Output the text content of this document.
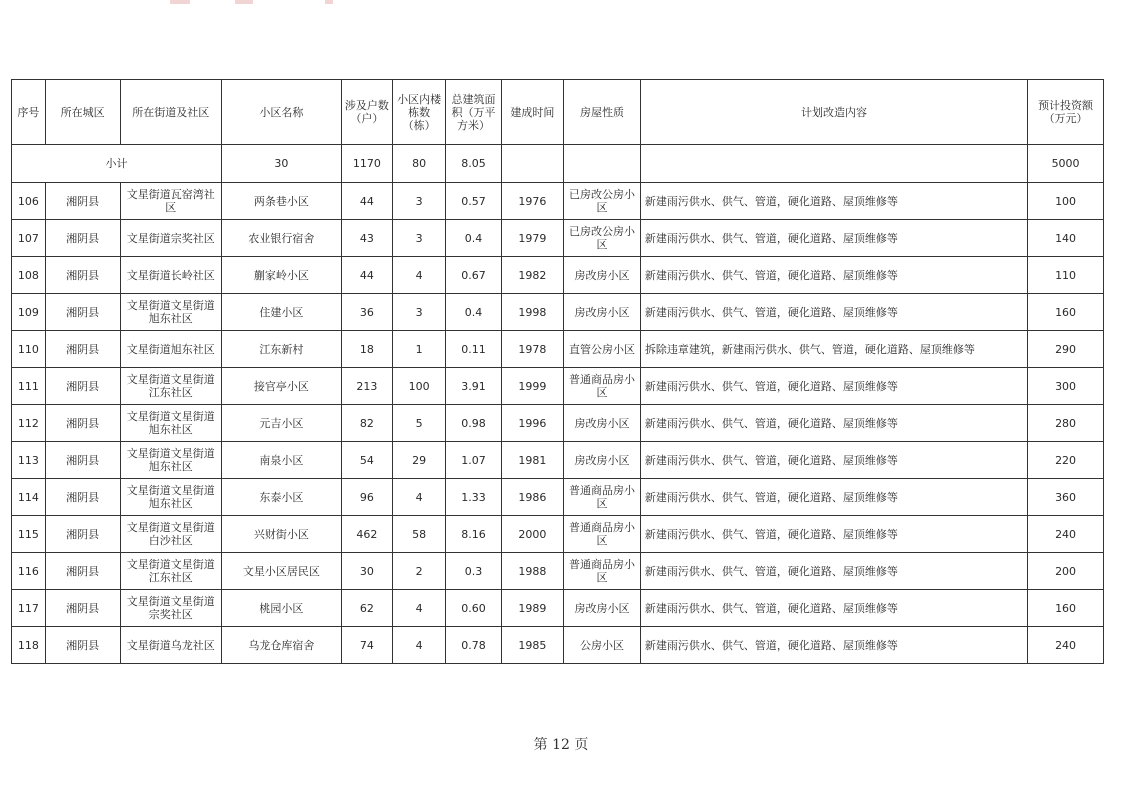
序号	所在城区	所在街道及社区	小区名称	涉及户数（户）	小区内楼栋数（栋）	总建筑面积（万平方米）	建成时间	房屋性质	计划改造内容	预计投资额（万元）
小计			30	1170	80	8.05				5000
106	湘阴县	文星街道瓦窑湾社区	两条巷小区	44	3	0.57	1976	已房改公房小区	新建雨污供水、供气、管道，硬化道路、屋顶维修等	100
107	湘阴县	文星街道宗奖社区	农业银行宿舍	43	3	0.4	1979	已房改公房小区	新建雨污供水、供气、管道，硬化道路、屋顶维修等	140
108	湘阴县	文星街道长岭社区	蒯家岭小区	44	4	0.67	1982	房改房小区	新建雨污供水、供气、管道，硬化道路、屋顶维修等	110
109	湘阴县	文星街道文星街道旭东社区	住建小区	36	3	0.4	1998	房改房小区	新建雨污供水、供气、管道，硬化道路、屋顶维修等	160
110	湘阴县	文星街道旭东社区	江东新村	18	1	0.11	1978	直管公房小区	拆除违章建筑，新建雨污供水、供气、管道，硬化道路、屋顶维修等	290
111	湘阴县	文星街道文星街道江东社区	接官亭小区	213	100	3.91	1999	普通商品房小区	新建雨污供水、供气、管道，硬化道路、屋顶维修等	300
112	湘阴县	文星街道文星街道旭东社区	元吉小区	82	5	0.98	1996	房改房小区	新建雨污供水、供气、管道，硬化道路、屋顶维修等	280
113	湘阴县	文星街道文星街道旭东社区	南泉小区	54	29	1.07	1981	房改房小区	新建雨污供水、供气、管道，硬化道路、屋顶维修等	220
114	湘阴县	文星街道文星街道旭东社区	东泰小区	96	4	1.33	1986	普通商品房小区	新建雨污供水、供气、管道，硬化道路、屋顶维修等	360
115	湘阴县	文星街道文星街道白沙社区	兴财街小区	462	58	8.16	2000	普通商品房小区	新建雨污供水、供气、管道，硬化道路、屋顶维修等	240
116	湘阴县	文星街道文星街道江东社区	文星小区居民区	30	2	0.3	1988	普通商品房小区	新建雨污供水、供气、管道，硬化道路、屋顶维修等	200
117	湘阴县	文星街道文星街道宗奖社区	桃园小区	62	4	0.60	1989	房改房小区	新建雨污供水、供气、管道，硬化道路、屋顶维修等	160
118	湘阴县	文星街道乌龙社区	乌龙仓库宿舍	74	4	0.78	1985	公房小区	新建雨污供水、供气、管道，硬化道路、屋顶维修等	240
第 12 页
